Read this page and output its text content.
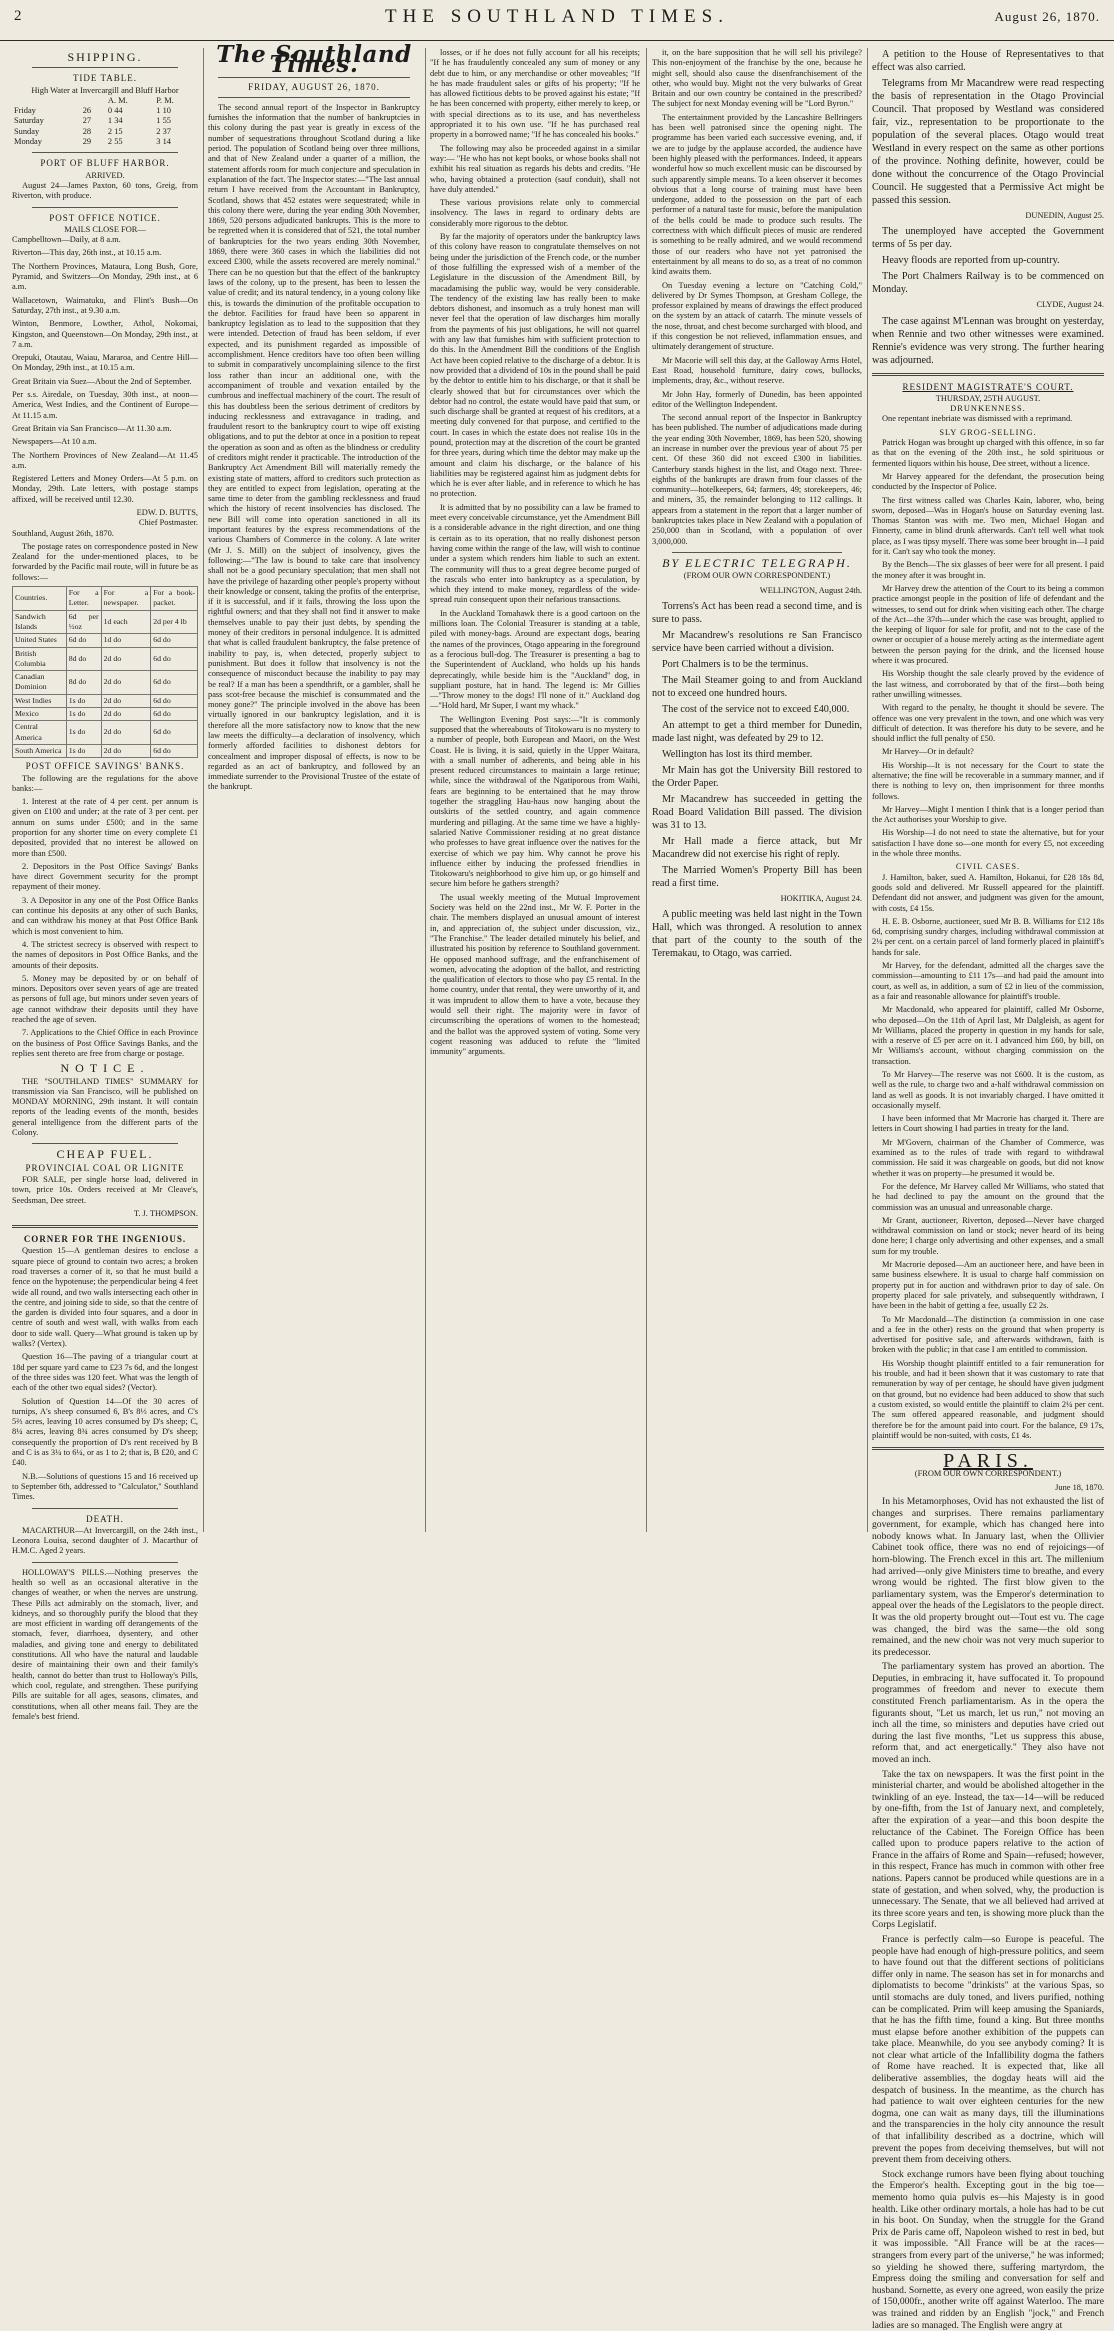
2	THE SOUTHLAND TIMES.	August 26, 1870.
SHIPPING.
TIDE TABLE.
High Water at Invercargill and Bluff Harbor
		A. M.	P. M.
Friday	26	0 44	1 10
Saturday	27	1 34	1 55
Sunday	28	2 15	2 37
Monday	29	2 55	3 14
PORT OF BLUFF HARBOR.
ARRIVED.

August 24—James Paxton, 60 tons, Greig, from Riverton, with produce.

POST OFFICE NOTICE.
MAILS CLOSE FOR—

Campbelltown—Daily, at 8 a.m.

Riverton—This day, 26th inst., at 10.15 a.m.

The Northern Provinces, Mataura, Long Bush, Gore, Pyramid, and Switzers—On Monday, 29th inst., at 6 a.m.

Wallacetown, Waimatuku, and Flint's Bush—On Saturday, 27th inst., at 9.30 a.m.

Winton, Benmore, Lowther, Athol, Nokomai, Kingston, and Queenstown—On Monday, 29th inst., at 7 a.m.

Orepuki, Otautau, Waiau, Mararoa, and Centre Hill—On Monday, 29th inst., at 10.15 a.m.

Great Britain via Suez—About the 2nd of September.

Per s.s. Airedale, on Tuesday, 30th inst., at noon—America, West Indies, and the Continent of Europe—At 11.15 a.m.

Great Britain via San Francisco—At 11.30 a.m.

Newspapers—At 10 a.m.

The Northern Provinces of New Zealand—At 11.45 a.m.

Registered Letters and Money Orders—At 5 p.m. on Monday, 29th. Late letters, with postage stamps affixed, will be received until 12.30.

EDW. D. BUTTS,
Chief Postmaster.

Southland, August 26th, 1870.

The postage rates on correspondence posted in New Zealand for the under-mentioned places, to be forwarded by the Pacific mail route, will in future be as follows:—

Countries.	For a Letter.	For a newspaper.	For a book-packet.
Sandwich Islands	6d per ½oz	1d each	2d per 4 lb
United States	6d do	1d do	6d do
British Columbia	8d do	2d do	6d do
Canadian Dominion	8d do	2d do	6d do
West Indies	1s do	2d do	6d do
Mexico	1s do	2d do	6d do
Central America	1s do	2d do	6d do
South America	1s do	2d do	6d do
POST OFFICE SAVINGS' BANKS.

The following are the regulations for the above banks:—

1. Interest at the rate of 4 per cent. per annum is given on £100 and under; at the rate of 3 per cent. per annum on sums under £500; and in the same proportion for any shorter time on every complete £1 deposited, provided that no interest be allowed on more than £500.

2. Depositors in the Post Office Savings' Banks have direct Government security for the prompt repayment of their money.

3. A Depositor in any one of the Post Office Banks can continue his deposits at any other of such Banks, and can withdraw his money at that Post Office Bank which is most convenient to him.

4. The strictest secrecy is observed with respect to the names of depositors in Post Office Banks, and the amounts of their deposits.

5. Money may be deposited by or on behalf of minors. Depositors over seven years of age are treated as persons of full age, but minors under seven years of age cannot withdraw their deposits until they have reached the age of seven.

7. Applications to the Chief Office in each Province on the business of Post Office Savings Banks, and the replies sent thereto are free from charge or postage.

NOTICE.

THE "SOUTHLAND TIMES" SUMMARY for transmission via San Francisco, will be published on MONDAY MORNING, 29th instant. It will contain reports of the leading events of the month, besides general intelligence from the different parts of the Colony.

CHEAP FUEL.
PROVINCIAL COAL OR LIGNITE

FOR SALE, per single horse load, delivered in town, price 10s. Orders received at Mr Cleave's, Seedsman, Dee street.

T. J. THOMPSON.
CORNER FOR THE INGENIOUS.

Question 15—A gentleman desires to enclose a square piece of ground to contain two acres; a broken road traverses a corner of it, so that he must build a fence on the hypotenuse; the perpendicular being 4 feet wide all round, and two walls intersecting each other in the centre, and joining side to side, so that the centre of the garden is divided into four squares, and a door in centre of south and west wall, with walks from each door to side wall. Query—What ground is taken up by walks? (Vertex).

Question 16—The paving of a triangular court at 18d per square yard came to £23 7s 6d, and the longest of the three sides was 120 feet. What was the length of each of the other two equal sides? (Vector).

Solution of Question 14—Of the 30 acres of turnips, A's sheep consumed 6, B's 8⅓ acres, and C's 5⅔ acres, leaving 10 acres consumed by D's sheep; C, 8¼ acres, leaving 8¾ acres consumed by D's sheep; consequently the proportion of D's rent received by B and C is as 3¼ to 6¼, or as 1 to 2; that is, B £20, and C £40.

N.B.—Solutions of questions 15 and 16 received up to September 6th, addressed to "Calculator," Southland Times.

DEATH.

MACARTHUR—At Invercargill, on the 24th inst., Leonora Louisa, second daughter of J. Macarthur of H.M.C. Aged 2 years.

HOLLOWAY'S PILLS.—Nothing preserves the health so well as an occasional alterative in the changes of weather, or when the nerves are unstrung. These Pills act admirably on the stomach, liver, and kidneys, and so thoroughly purify the blood that they are most efficient in warding off derangements of the stomach, fever, diarrhoea, dysentery, and other maladies, and giving tone and energy to debilitated constitutions. All who have the natural and laudable desire of maintaining their own and their family's health, cannot do better than trust to Holloway's Pills, which cool, regulate, and strengthen. These purifying Pills are suitable for all ages, seasons, climates, and constitutions, when all other means fail. They are the female's best friend.

The Southland Times.
FRIDAY, AUGUST 26, 1870.

The second annual report of the Inspector in Bankruptcy furnishes the information that the number of bankruptcies in this colony during the past year is greatly in excess of the number of sequestrations throughout Scotland during a like period. The population of Scotland being over three millions, and that of New Zealand under a quarter of a million, the statement affords room for much conjecture and speculation in explanation of the fact. The Inspector states:—"The last annual return I have received from the Accountant in Bankruptcy, Scotland, shows that 452 estates were sequestrated; while in this colony there were, during the year ending 30th November, 1869, 520 persons adjudicated bankrupts. This is the more to be regretted when it is considered that of 521, the total number of bankruptcies for the two years ending 30th November, 1869, there were 360 cases in which the liabilities did not exceed £300, while the assets recovered are merely nominal." There can be no question but that the effect of the bankruptcy laws of the colony, up to the present, has been to lessen the value of credit; and its natural tendency, in a young colony like this, is towards the diminution of the profitable occupation to the debtor. Facilities for fraud have been so apparent in bankruptcy legislation as to lead to the supposition that they were intended. Detection of fraud has been seldom, if ever expected, and its punishment regarded as impossible of accomplishment. Hence creditors have too often been willing to submit in comparatively uncomplaining silence to the first loss rather than incur an additional one, with the accompaniment of trouble and vexation entailed by the cumbrous and ineffectual machinery of the court. The result of this has doubtless been the serious detriment of creditors by inducing recklessness and extravagance in trading, and fraudulent resort to the bankruptcy court to wipe off existing obligations, and to put the debtor at once in a position to repeat the operation as soon and as often as the blindness or credulity of creditors might render it practicable. The introduction of the Bankruptcy Act Amendment Bill will materially remedy the existing state of matters, afford to creditors such protection as they are entitled to expect from legislation, operating at the same time to deter from the gambling recklessness and fraud which the history of recent insolvencies has disclosed. The new Bill will come into operation sanctioned in all its important features by the express recommendations of the various Chambers of Commerce in the colony. A late writer (Mr J. S. Mill) on the subject of insolvency, gives the following:—"The law is bound to take care that insolvency shall not be a good pecuniary speculation; that men shall not have the privilege of hazarding other people's property without their knowledge or consent, taking the profits of the enterprise, if it is successful, and if it fails, throwing the loss upon the rightful owners; and that they shall not find it answer to make themselves unable to pay their just debts, by spending the money of their creditors in personal indulgence. It is admitted that what is called fraudulent bankruptcy, the false pretence of inability to pay, is, when detected, properly subject to punishment. But does it follow that insolvency is not the consequence of misconduct because the inability to pay may be real? If a man has been a spendthrift, or a gambler, shall he pass scot-free because the mischief is consummated and the money gone?" The principle involved in the above has been virtually ignored in our bankruptcy legislation, and it is therefore all the more satisfactory now to know that the new law meets the difficulty—a declaration of insolvency, which formerly afforded facilities to dishonest debtors for concealment and improper disposal of effects, is now to be regarded as an act of bankruptcy, and followed by an immediate surrender to the Provisional Trustee of the estate of the bankrupt.

losses, or if he does not fully account for all his receipts; "If he has fraudulently concealed any sum of money or any debt due to him, or any merchandise or other moveables; "If he has made fraudulent sales or gifts of his property; "If he has allowed fictitious debts to be proved against his estate; "If he has been concerned with property, either merely to keep, or with special directions as to its use, and has nevertheless appropriated it to his own use. "If he has purchased real property in a borrowed name; "If he has concealed his books."

The following may also be proceeded against in a similar way:— "He who has not kept books, or whose books shall not exhibit his real situation as regards his debts and credits. "He who, having obtained a protection (sauf conduit), shall not have duly attended."

These various provisions relate only to commercial insolvency. The laws in regard to ordinary debts are considerably more rigorous to the debtor.

By far the majority of operators under the bankruptcy laws of this colony have reason to congratulate themselves on not being under the jurisdiction of the French code, or the number of those fulfilling the expressed wish of a member of the Legislature in the discussion of the Amendment Bill, by macadamising the public way, would be very considerable. The tendency of the existing law has really been to make debtors dishonest, and insomuch as a truly honest man will never feel that the operation of law discharges him morally from the payments of his just obligations, he will not quarrel with any law that furnishes him with sufficient protection to do this. In the Amendment Bill the conditions of the English Act have been copied relative to the discharge of a debtor. It is now provided that a dividend of 10s in the pound shall be paid by the debtor to entitle him to his discharge, or that it shall be clearly showed that but for circumstances over which the debtor had no control, the estate would have paid that sum, or such discharge shall be granted at request of his creditors, at a meeting duly convened for that purpose, and certified to the court. In cases in which the estate does not realise 10s in the pound, protection may at the discretion of the court be granted for three years, during which time the debtor may make up the amount and claim his discharge, or the balance of his liabilities may be registered against him as judgment debts for which he is ever after liable, and in reference to which he has no protection.

It is admitted that by no possibility can a law be framed to meet every conceivable circumstance, yet the Amendment Bill is a considerable advance in the right direction, and one thing is certain as to its operation, that no really dishonest person having come within the range of the law, will wish to continue under a system which renders him liable to such an extent. The community will thus to a great degree become purged of the rascals who enter into bankruptcy as a speculation, by which they intend to make money, regardless of the wide-spread ruin consequent upon their nefarious transactions.

In the Auckland Tomahawk there is a good cartoon on the millions loan. The Colonial Treasurer is standing at a table, piled with money-bags. Around are expectant dogs, bearing the names of the provinces, Otago appearing in the foreground as a ferocious bull-dog. The Treasurer is presenting a bag to the Superintendent of Auckland, who holds up his hands deprecatingly, while beside him is the "Auckland" dog, in suppliant posture, hat in hand. The legend is: Mr Gillies —"Throw money to the dogs! I'll none of it." Auckland dog—"Hold hard, Mr Super, I want my whack."

The Wellington Evening Post says:—"It is commonly supposed that the whereabouts of Titokowaru is no mystery to a number of people, both European and Maori, on the West Coast. He is living, it is said, quietly in the Upper Waitara, with a small number of adherents, and being able in his present reduced circumstances to maintain a large retinue; while, since the withdrawal of the Ngatiporous from Waihi, fears are beginning to be entertained that he may throw together the straggling Hau-haus now hanging about the outskirts of the settled country, and again commence murdering and pillaging. At the same time we have a highly-salaried Native Commissioner residing at no great distance who professes to have great influence over the natives for the exercise of which we pay him. Why cannot he prove his influence either by inducing the professed friendlies in Titokowaru's neighborhood to give him up, or go himself and secure him before he gathers strength?

The usual weekly meeting of the Mutual Improvement Society was held on the 22nd inst., Mr W. F. Porter in the chair. The members displayed an unusual amount of interest in, and appreciation of, the subject under discussion, viz., "The Franchise." The leader detailed minutely his belief, and illustrated his position by reference to Southland government. He opposed manhood suffrage, and the enfranchisement of women, advocating the adoption of the ballot, and restricting the qualification of electors to those who pay £5 rental. In the home country, under that rental, they were unworthy of it, and it was imprudent to allow them to have a vote, because they would sell their right. The majority were in favor of circumscribing the operations of women to the homestead; and the ballot was the approved system of voting. Some very cogent reasoning was adduced to refute the "limited immunity" arguments.

it, on the bare supposition that he will sell his privilege? This non-enjoyment of the franchise by the one, because he might sell, should also cause the disenfranchisement of the other, who would buy. Might not the very bulwarks of Great Britain and our own country be contained in the prescribed? The subject for next Monday evening will be "Lord Byron."

The entertainment provided by the Lancashire Bellringers has been well patronised since the opening night. The programme has been varied each successive evening, and, if we are to judge by the applause accorded, the audience have been highly pleased with the performances. Indeed, it appears wonderful how so much excellent music can be discoursed by such apparently simple means. To a keen observer it becomes obvious that a long course of training must have been undergone, added to the possession on the part of each performer of a natural taste for music, before the manipulation of the bells could be made to produce such results. The correctness with which difficult pieces of music are rendered is something to be really admired, and we would recommend those of our readers who have not yet patronised the entertainment by all means to do so, as a treat of no common kind awaits them.

On Tuesday evening a lecture on "Catching Cold," delivered by Dr Symes Thompson, at Gresham College, the professor explained by means of drawings the effect produced on the system by an attack of catarrh. The minute vessels of the nose, throat, and chest become surcharged with blood, and if this congestion be not relieved, inflammation ensues, and ultimately derangement of structure.

Mr Macorie will sell this day, at the Galloway Arms Hotel, East Road, household furniture, dairy cows, bullocks, implements, dray, &c., without reserve.

Mr John Hay, formerly of Dunedin, has been appointed editor of the Wellington Independent.

The second annual report of the Inspector in Bankruptcy has been published. The number of adjudications made during the year ending 30th November, 1869, has been 520, showing an increase in number over the previous year of about 75 per cent. Of these 360 did not exceed £300 in liabilities. Canterbury stands highest in the list, and Otago next. Three-eighths of the bankrupts are drawn from four classes of the community—hotelkeepers, 64; farmers, 49; storekeepers, 46; and miners, 35, the remainder belonging to 112 callings. It appears from a statement in the report that a larger number of bankruptcies takes place in New Zealand with a population of 250,000 than in Scotland, with a population of over 3,000,000.

BY ELECTRIC TELEGRAPH.
(FROM OUR OWN CORRESPONDENT.)
WELLINGTON, August 24th.

Torrens's Act has been read a second time, and is sure to pass.

Mr Macandrew's resolutions re San Francisco service have been carried without a division.

Port Chalmers is to be the terminus.

The Mail Steamer going to and from Auckland not to exceed one hundred hours.

The cost of the service not to exceed £40,000.

An attempt to get a third member for Dunedin, made last night, was defeated by 29 to 12.

Wellington has lost its third member.

Mr Main has got the University Bill restored to the Order Paper.

Mr Macandrew has succeeded in getting the Road Board Validation Bill passed. The division was 31 to 13.

Mr Hall made a fierce attack, but Mr Macandrew did not exercise his right of reply.

The Married Women's Property Bill has been read a first time.

HOKITIKA, August 24.

A public meeting was held last night in the Town Hall, which was thronged. A resolution to annex that part of the county to the south of the Teremakau, to Otago, was carried.

A petition to the House of Representatives to that effect was also carried.

Telegrams from Mr Macandrew were read respecting the basis of representation in the Otago Provincial Council. That proposed by Westland was considered fair, viz., representation to be proportionate to the population of the several places. Otago would treat Westland in every respect on the same as other portions of the province. Nothing definite, however, could be done without the concurrence of the Otago Provincial Council. He suggested that a Permissive Act might be passed this session.

DUNEDIN, August 25.

The unemployed have accepted the Government terms of 5s per day.

Heavy floods are reported from up-country.

The Port Chalmers Railway is to be commenced on Monday.

CLYDE, August 24.

The case against M'Lennan was brought on yesterday, when Rennie and two other witnesses were examined. Rennie's evidence was very strong. The further hearing was adjourned.

RESIDENT MAGISTRATE'S COURT.
THURSDAY, 25TH AUGUST.
DRUNKENNESS.

One repentant inebriate was dismissed with a reprimand.

SLY GROG-SELLING.

Patrick Hogan was brought up charged with this offence, in so far as that on the evening of the 20th inst., he sold spirituous or fermented liquors within his house, Dee street, without a licence.

Mr Harvey appeared for the defendant, the prosecution being conducted by the Inspector of Police.

The first witness called was Charles Kain, laborer, who, being sworn, deposed—Was in Hogan's house on Saturday evening last. Thomas Stanton was with me. Two men, Michael Hogan and Finnerty, came in blind drunk afterwards. Can't tell well what took place, as I was tipsy myself. There was some beer brought in—I paid for it. Can't say who took the money.

By the Bench—The six glasses of beer were for all present. I paid the money after it was brought in.

Mr Harvey drew the attention of the Court to its being a common practice amongst people in the position of life of defendant and the witnesses, to send out for drink when visiting each other. The charge of the Act—the 37th—under which the case was brought, applied to the keeping of liquor for sale for profit, and not to the case of the owner or occupier of a house merely acting as the intermediate agent between the person paying for the drink, and the licensed house where it was procured.

His Worship thought the sale clearly proved by the evidence of the last witness, and corroborated by that of the first—both being rather unwilling witnesses.

With regard to the penalty, he thought it should be severe. The offence was one very prevalent in the town, and one which was very difficult of detection. It was therefore his duty to be severe, and he should inflict the full penalty of £50.

Mr Harvey—Or in default?

His Worship—It is not necessary for the Court to state the alternative; the fine will be recoverable in a summary manner, and if there is nothing to levy on, then imprisonment for three months follows.

Mr Harvey—Might I mention I think that is a longer period than the Act authorises your Worship to give.

His Worship—I do not need to state the alternative, but for your satisfaction I have done so—one month for every £5, not exceeding in the whole three months.

CIVIL CASES.

J. Hamilton, baker, sued A. Hamilton, Hokanui, for £28 18s 8d, goods sold and delivered. Mr Russell appeared for the plaintiff. Defendant did not answer, and judgment was given for the amount, with costs, £4 15s.

H. E. B. Osborne, auctioneer, sued Mr B. B. Williams for £12 18s 6d, comprising sundry charges, including withdrawal commission at 2¼ per cent. on a certain parcel of land formerly placed in plaintiff's hands for sale.

Mr Harvey, for the defendant, admitted all the charges save the commission—amounting to £11 17s—and had paid the amount into court, as well as, in addition, a sum of £2 in lieu of the commission, as a fair and reasonable allowance for plaintiff's trouble.

Mr Macdonald, who appeared for plaintiff, called Mr Osborne, who deposed—On the 11th of April last, Mr Dalgleish, as agent for Mr Williams, placed the property in question in my hands for sale, with a reserve of £5 per acre on it. I advanced him £60, by bill, on Mr Williams's account, without charging commission on the transaction.

To Mr Harvey—The reserve was not £600. It is the custom, as well as the rule, to charge two and a-half withdrawal commission on land as well as goods. It is not invariably charged. I have omitted it occasionally myself.

I have been informed that Mr Macrorie has charged it. There are letters in Court showing I had parties in treaty for the land.

Mr M'Govern, chairman of the Chamber of Commerce, was examined as to the rules of trade with regard to withdrawal commission. He said it was chargeable on goods, but did not know whether it was on property—he presumed it would be.

For the defence, Mr Harvey called Mr Williams, who stated that he had declined to pay the amount on the ground that the commission was an unusual and unreasonable charge.

Mr Grant, auctioneer, Riverton, deposed—Never have charged withdrawal commission on land or stock; never heard of its being done here; I charge only advertising and other expenses, and a small sum for my trouble.

Mr Macrorie deposed—Am an auctioneer here, and have been in same business elsewhere. It is usual to charge half commission on property put in for auction and withdrawn prior to day of sale. On property placed for sale privately, and subsequently withdrawn, I have been in the habit of getting a fee, usually £2 2s.

To Mr Macdonald—The distinction (a commission in one case and a fee in the other) rests on the ground that when property is advertised for positive sale, and afterwards withdrawn, faith is broken with the public; in that case I am entitled to commission.

His Worship thought plaintiff entitled to a fair remuneration for his trouble, and had it been shown that it was customary to rate that remuneration by way of per centage, he should have given judgment on that ground, but no evidence had been adduced to show that such a custom existed, so would entitle the plaintiff to claim 2¼ per cent. The sum offered appeared reasonable, and judgment should therefore be for the amount paid into court. For the balance, £9 17s, plaintiff would be non-suited, with costs, £1 4s.

PARIS.
(FROM OUR OWN CORRESPONDENT.)
June 18, 1870.

In his Metamorphoses, Ovid has not exhausted the list of changes and surprises. There remains parliamentary government, for example, which has changed here into nobody knows what. In January last, when the Ollivier Cabinet took office, there was no end of rejoicings—of horn-blowing. The French excel in this art. The millenium had arrived—only give Ministers time to breathe, and every wrong would be righted. The first blow given to the parliamentary system, was the Emperor's determination to appeal over the heads of the Legislators to the people direct. It was the old property brought out—Tout est vu. The cage was changed, the bird was the same—the old song remained, and the new choir was not very much superior to its predecessor.

The parliamentary system has proved an abortion. The Deputies, in embracing it, have suffocated it. To propound programmes of freedom and never to execute them constituted French parliamentarism. As in the opera the figurants shout, "Let us march, let us run," not moving an inch all the time, so ministers and deputies have cried out during the last five months, "Let us suppress this abuse, reform that, and act energetically." They also have not moved an inch.

Take the tax on newspapers. It was the first point in the ministerial charter, and would be abolished altogether in the twinkling of an eye. Instead, the tax—14—will be reduced by one-fifth, from the 1st of January next, and completely, after the expiration of a year—and this boon despite the reluctance of the Cabinet. The Foreign Office has been called upon to produce papers relative to the action of France in the affairs of Rome and Spain—refused; however, in this respect, France has much in common with other free nations. Papers cannot be produced while questions are in a state of gestation, and when solved, why, the production is unnecessary. The Senate, that we all believed had arrived at its three score years and ten, is showing more pluck than the Corps Legislatif.

France is perfectly calm—so Europe is peaceful. The people have had enough of high-pressure politics, and seem to have found out that the different sections of politicians differ only in name. The season has set in for monarchs and diplomatists to become "drinkists" at the various Spas, so until stomachs are duly toned, and livers purified, nothing can be complicated. Prim will keep amusing the Spaniards, that he has the fifth time, found a king. But three months must elapse before another exhibition of the puppets can take place. Meanwhile, do you see anybody coming? It is not clear what article of the Infallibility dogma the fathers of Rome have reached. It is expected that, like all deliberative assemblies, the dogday heats will aid the despatch of business. In the meantime, as the church has had patience to wait over eighteen centuries for the new dogma, one can wait as many days, till the illuminations and the transparencies in the holy city announce the result of that infallibility described as a doctrine, which will prevent the popes from deceiving themselves, but will not prevent them from deceiving others.

Stock exchange rumors have been flying about touching the Emperor's health. Excepting gout in the big toe—memento homo quia pulvis es—his Majesty is in good health. Like other ordinary mortals, a hole has had to be cut in his boot. On Sunday, when the struggle for the Grand Prix de Paris came off, Napoleon wished to rest in bed, but it was impossible. "All France will be at the races—strangers from every part of the universe," he was informed; so yielding he showed there, suffering martyrdom, the Empress doing the smiling and conversation for self and husband. Sornette, as every one agreed, won easily the prize of 150,000fr., another write off against Waterloo. The mare was trained and ridden by an English "jock," and French ladies are so managed. The English were angry at
